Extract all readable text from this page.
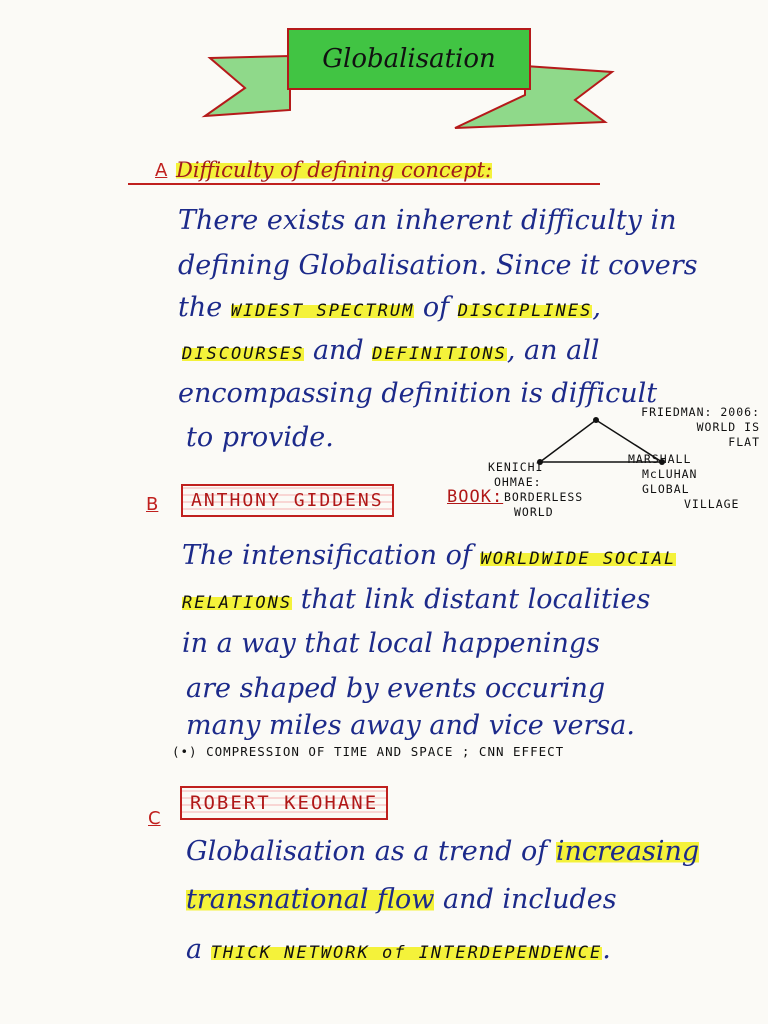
Globalisation
A Difficulty of defining concept:
There exists an inherent difficulty in
defining Globalisation. Since it covers
the WIDEST SPECTRUM of DISCIPLINES,
DISCOURSES and DEFINITIONS, an all
encompassing definition is difficult
to provide.
FRIEDMAN: 2006:
WORLD IS
FLAT
KENICHI
OHMAE:
BORDERLESS
WORLD
MARSHALL
McLUHAN
GLOBAL
VILLAGE
B	ANTHONY GIDDENS	BOOK:
The intensification of WORLDWIDE SOCIAL
RELATIONS that link distant localities
in a way that local happenings
are shaped by events occuring
many miles away and vice versa.
(•) COMPRESSION OF TIME AND SPACE ; CNN EFFECT
C
ROBERT KEOHANE
Globalisation as a trend of increasing
transnational flow and includes
a THICK NETWORK of INTERDEPENDENCE.
